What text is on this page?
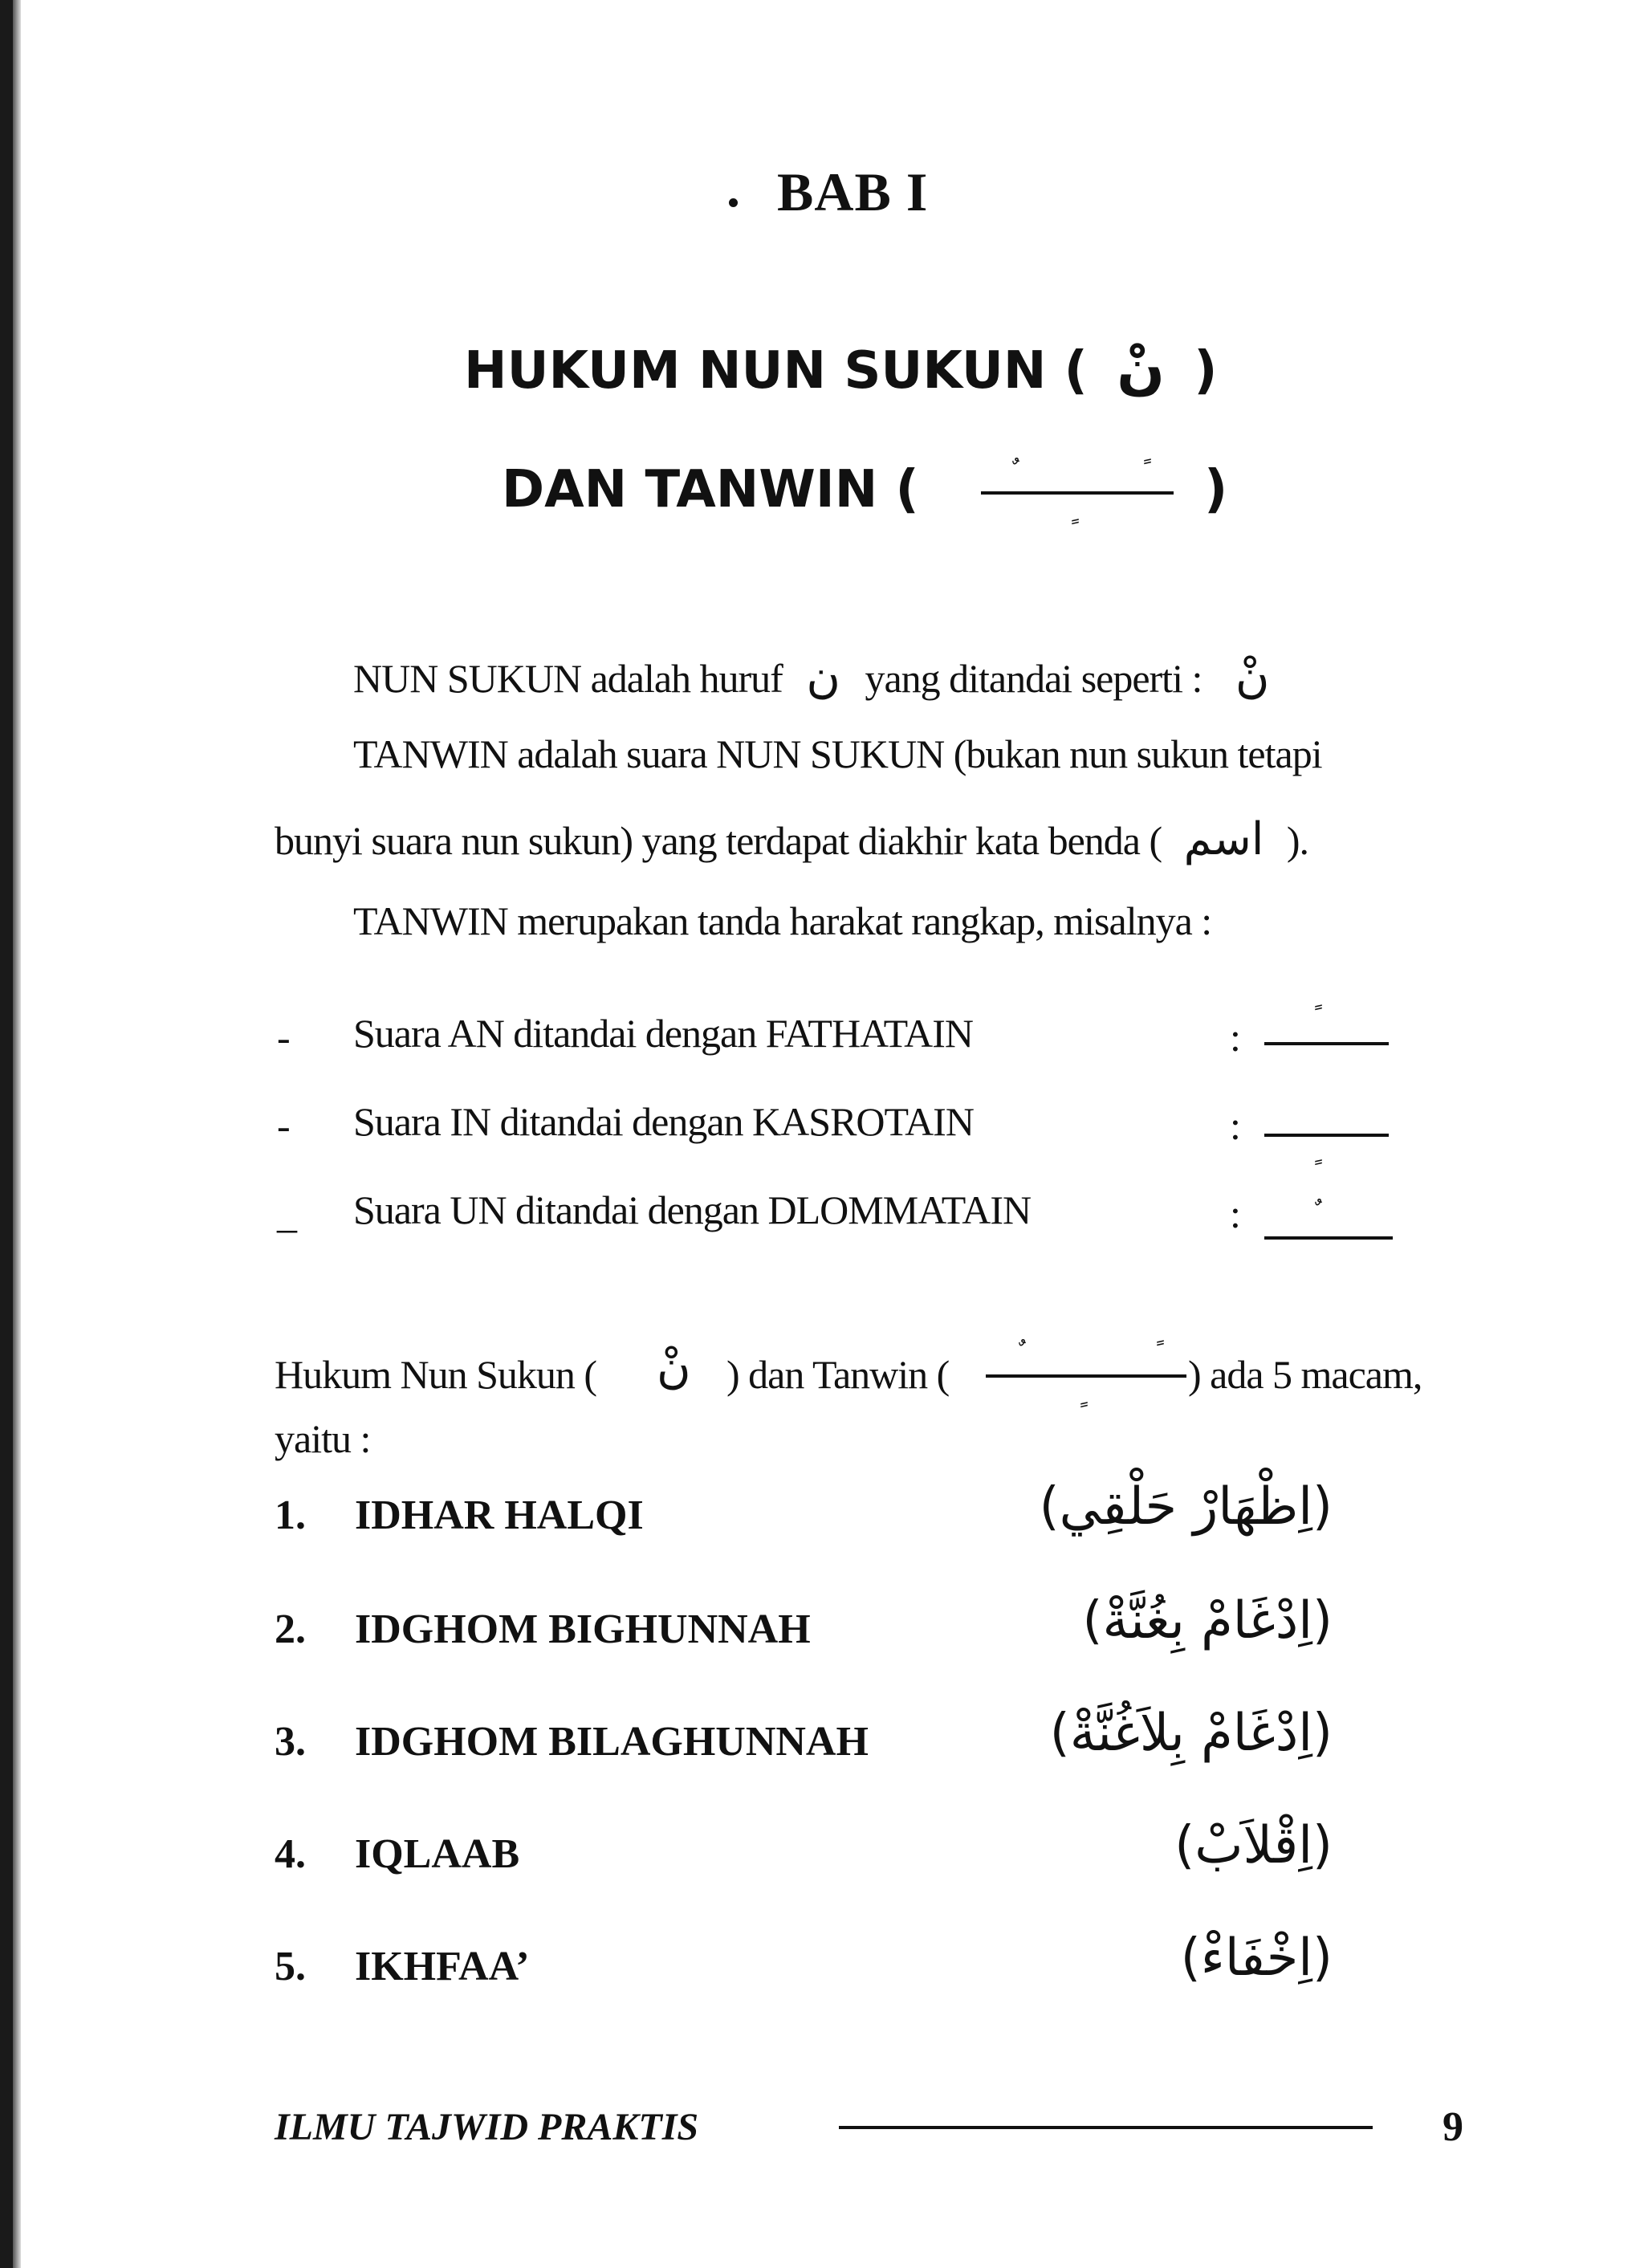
. BAB I
HUKUM NUN SUKUN ( نْ )
DAN TANWIN (	)
NUN SUKUN adalah huruf ن yang ditandai seperti : نْ
TANWIN adalah suara NUN SUKUN (bukan nun sukun tetapi
bunyi suara nun sukun) yang terdapat diakhir kata benda ( اسم ).
TANWIN merupakan tanda harakat rangkap, misalnya :
- Suara AN ditandai dengan FATHATAIN	:
- Suara IN ditandai dengan KASROTAIN	:
_ Suara UN ditandai dengan DLOMMATAIN	:
Hukum Nun Sukun ( نْ ) dan Tanwin (	) ada 5 macam,
yaitu :
1. IDHAR HALQI	(اِظْهَارْ حَلْقِي)
2. IDGHOM BIGHUNNAH	(اِدْغَامْ بِغُنَّةْ)
3. IDGHOM BILAGHUNNAH	(اِدْغَامْ بِلاَغُنَّةْ)
4. IQLAAB	(اِقْلاَبْ)
5. IKHFAA’	(اِخْفَاءْ)
ILMU TAJWID PRAKTIS	9
